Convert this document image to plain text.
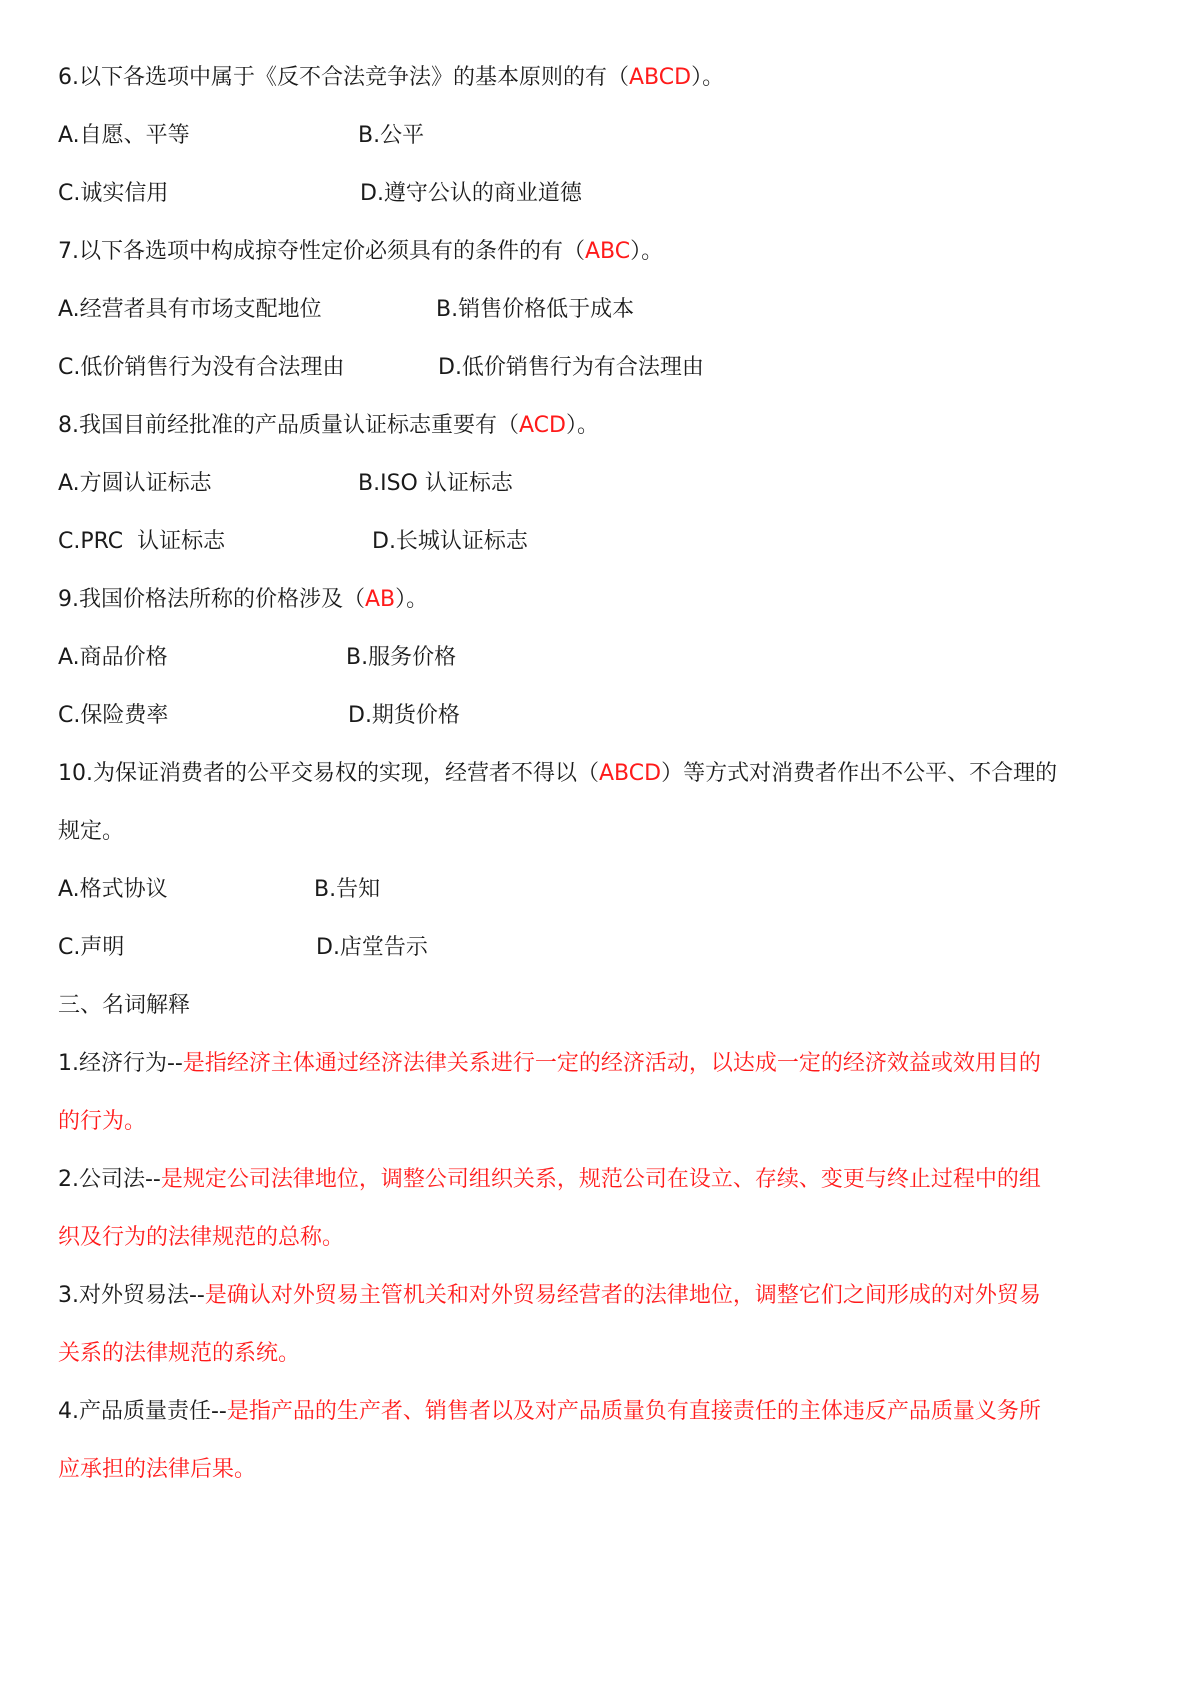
6.以下各选项中属于《反不合法竞争法》的基本原则的有（ABCD）。

A.自愿、平等	B.公平
C.诚实信用	D.遵守公认的商业道德

7.以下各选项中构成掠夺性定价必须具有的条件的有（ABC）。

A.经营者具有市场支配地位	B.销售价格低于成本
C.低价销售行为没有合法理由	D.低价销售行为有合法理由

8.我国目前经批准的产品质量认证标志重要有（ACD）。

A.方圆认证标志	B.ISO 认证标志
C.PRC  认证标志	D.长城认证标志

9.我国价格法所称的价格涉及（AB）。

A.商品价格	B.服务价格
C.保险费率	D.期货价格

10.为保证消费者的公平交易权的实现，经营者不得以（ABCD）等方式对消费者作出不公平、不合理的

规定。

A.格式协议	B.告知
C.声明	D.店堂告示

三、名词解释

1.经济行为--是指经济主体通过经济法律关系进行一定的经济活动，以达成一定的经济效益或效用目的

的行为。

2.公司法--是规定公司法律地位，调整公司组织关系，规范公司在设立、存续、变更与终止过程中的组

织及行为的法律规范的总称。

3.对外贸易法--是确认对外贸易主管机关和对外贸易经营者的法律地位，调整它们之间形成的对外贸易

关系的法律规范的系统。

4.产品质量责任--是指产品的生产者、销售者以及对产品质量负有直接责任的主体违反产品质量义务所

应承担的法律后果。
